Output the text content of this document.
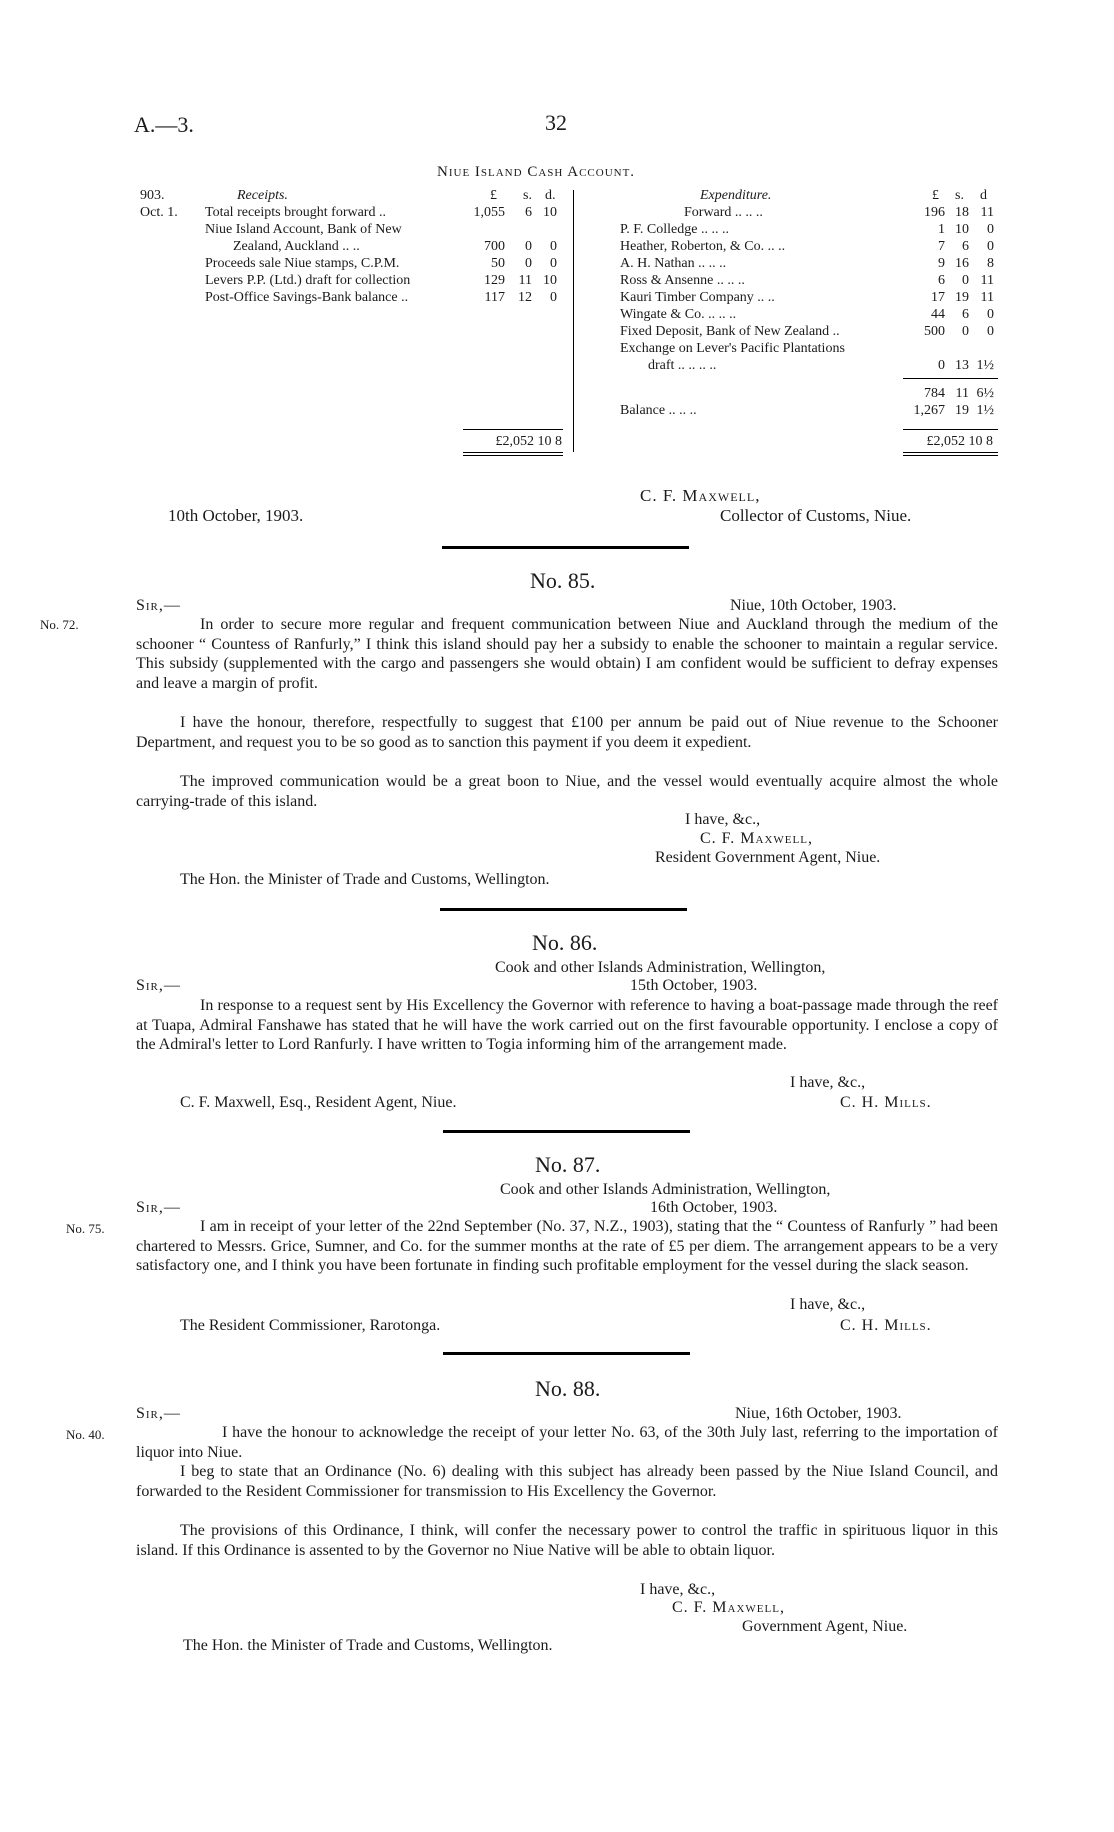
A.—3.	32
Niue Island Cash Account.
903.	Receipts.	£ s. d.
Oct. 1. Total receipts brought forward ..	1,055	6 10
Niue Island Account, Bank of New
Zealand, Auckland .. ..	700	0	0
Proceeds sale Niue stamps, C.P.M.	50	0	0
Levers P.P. (Ltd.) draft for collection	129 11 10
Post-Office Savings-Bank balance ..	117 12	0
£2,052 10 8
Expenditure.	£ s. d
Forward .. .. ..	196 18 11
P. F. Colledge .. .. ..	1 10	0
Heather, Roberton, & Co. .. ..	7	6	0
A. H. Nathan .. .. ..	9 16	8
Ross & Ansenne .. .. ..	6	0 11
Kauri Timber Company .. ..	17 19 11
Wingate & Co. .. .. ..	44	6	0
Fixed Deposit, Bank of New Zealand ..	500	0	0
Exchange on Lever's Pacific Plantations
draft .. .. .. ..	0 13 1½
784 11 6½
Balance .. .. ..	1,267 19 1½
£2,052 10 8
10th October, 1903.
C. F. Maxwell,
Collector of Customs, Niue.
No. 85.
No. 72.
Sir,—	Niue, 10th October, 1903.
In order to secure more regular and frequent communication between Niue and Auckland through the medium of the schooner “ Countess of Ranfurly,” I think this island should pay her a subsidy to enable the schooner to maintain a regular service. This subsidy (supplemented with the cargo and passengers she would obtain) I am confident would be sufficient to defray expenses and leave a margin of profit.
I have the honour, therefore, respectfully to suggest that £100 per annum be paid out of Niue revenue to the Schooner Department, and request you to be so good as to sanction this payment if you deem it expedient.
The improved communication would be a great boon to Niue, and the vessel would eventually acquire almost the whole carrying-trade of this island.
I have, &c.,
C. F. Maxwell,
Resident Government Agent, Niue.
The Hon. the Minister of Trade and Customs, Wellington.
No. 86.
Cook and other Islands Administration, Wellington,
15th October, 1903.
Sir,—
In response to a request sent by His Excellency the Governor with reference to having a boat-passage made through the reef at Tuapa, Admiral Fanshawe has stated that he will have the work carried out on the first favourable opportunity. I enclose a copy of the Admiral's letter to Lord Ranfurly. I have written to Togia informing him of the arrangement made.
I have, &c.,
C. F. Maxwell, Esq., Resident Agent, Niue.	C. H. Mills.
No. 87.
Cook and other Islands Administration, Wellington,
16th October, 1903.
Sir,—
No. 75.	I am in receipt of your letter of the 22nd September (No. 37, N.Z., 1903), stating that the “ Countess of Ranfurly ” had been chartered to Messrs. Grice, Sumner, and Co. for the summer months at the rate of £5 per diem. The arrangement appears to be a very satisfactory one, and I think you have been fortunate in finding such profitable employment for the vessel during the slack season.
I have, &c.,
The Resident Commissioner, Rarotonga.	C. H. Mills.
No. 88.
Sir,—	Niue, 16th October, 1903.
No. 40.	I have the honour to acknowledge the receipt of your letter No. 63, of the 30th July last, referring to the importation of liquor into Niue.
I beg to state that an Ordinance (No. 6) dealing with this subject has already been passed by the Niue Island Council, and forwarded to the Resident Commissioner for transmission to His Excellency the Governor.
The provisions of this Ordinance, I think, will confer the necessary power to control the traffic in spirituous liquor in this island. If this Ordinance is assented to by the Governor no Niue Native will be able to obtain liquor.
I have, &c.,
C. F. Maxwell,
Government Agent, Niue.
The Hon. the Minister of Trade and Customs, Wellington.
